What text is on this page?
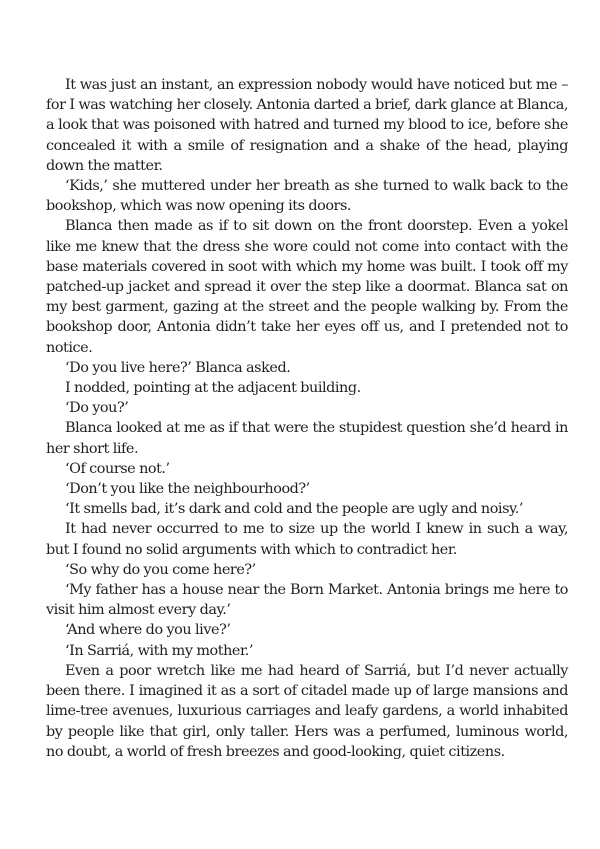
It was just an instant, an expression nobody would have noticed but me – for I was watching her closely. Antonia darted a brief, dark glance at Blanca, a look that was poisoned with hatred and turned my blood to ice, before she concealed it with a smile of resignation and a shake of the head, playing down the matter.

‘Kids,’ she muttered under her breath as she turned to walk back to the bookshop, which was now opening its doors.

Blanca then made as if to sit down on the front doorstep. Even a yokel like me knew that the dress she wore could not come into contact with the base materials covered in soot with which my home was built. I took off my patched-up jacket and spread it over the step like a doormat. Blanca sat on my best garment, gazing at the street and the people walking by. From the bookshop door, Antonia didn’t take her eyes off us, and I pretended not to notice.

‘Do you live here?’ Blanca asked.

I nodded, pointing at the adjacent building.

‘Do you?’

Blanca looked at me as if that were the stupidest question she’d heard in her short life.

‘Of course not.’

‘Don’t you like the neighbourhood?’

‘It smells bad, it’s dark and cold and the people are ugly and noisy.’

It had never occurred to me to size up the world I knew in such a way, but I found no solid arguments with which to contradict her.

‘So why do you come here?’

‘My father has a house near the Born Market. Antonia brings me here to visit him almost every day.’

‘And where do you live?’

‘In Sarriá, with my mother.’

Even a poor wretch like me had heard of Sarriá, but I’d never actually been there. I imagined it as a sort of citadel made up of large mansions and lime-tree avenues, luxurious carriages and leafy gardens, a world inhabited by people like that girl, only taller. Hers was a perfumed, luminous world, no doubt, a world of fresh breezes and good-looking, quiet citizens.
